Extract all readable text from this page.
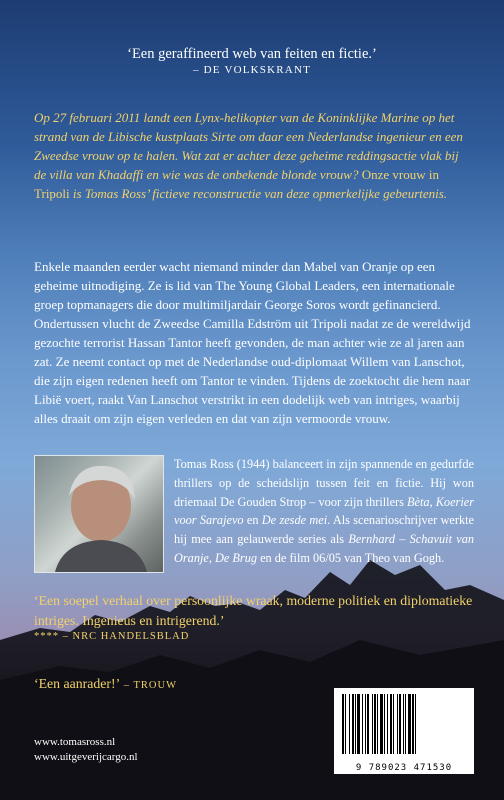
‘Een geraffineerd web van feiten en fictie.’
– DE VOLKSKRANT
Op 27 februari 2011 landt een Lynx-helikopter van de Koninklijke Marine op het strand van de Libische kustplaats Sirte om daar een Nederlandse ingenieur en een Zweedse vrouw op te halen. Wat zat er achter deze geheime reddingsactie vlak bij de villa van Khadaffi en wie was de onbekende blonde vrouw? Onze vrouw in Tripoli is Tomas Ross’ fictieve reconstructie van deze opmerkelijke gebeurtenis.

Enkele maanden eerder wacht niemand minder dan Mabel van Oranje op een geheime uitnodiging. Ze is lid van The Young Global Leaders, een internationale groep topmanagers die door multimiljardair George Soros wordt gefinancierd.

Ondertussen vlucht de Zweedse Camilla Edström uit Tripoli nadat ze de wereldwijd gezochte terrorist Hassan Tantor heeft gevonden, de man achter wie ze al jaren aan zat. Ze neemt contact op met de Nederlandse oud-diplomaat Willem van Lanschot, die zijn eigen redenen heeft om Tantor te vinden. Tijdens de zoektocht die hem naar Libië voert, raakt Van Lanschot verstrikt in een dodelijk web van intriges, waarbij alles draait om zijn eigen verleden en dat van zijn vermoorde vrouw.

Tomas Ross (1944) balanceert in zijn spannende en gedurfde thrillers op de scheidslijn tussen feit en fictie. Hij won driemaal De Gouden Strop – voor zijn thrillers Bèta, Koerier voor Sarajevo en De zesde mei. Als scenarioschrijver werkte hij mee aan gelauwerde series als Bernhard – Schavuit van Oranje, De Brug en de film 06/05 van Theo van Gogh.
‘Een soepel verhaal over persoonlijke wraak, moderne politiek en diplomatieke intriges. Ingenieus en intrigerend.’
**** – NRC HANDELSBLAD
‘Een aanrader!’ – TROUW
www.tomasross.nl
www.uitgeverijcargo.nl
9 789023 471530
